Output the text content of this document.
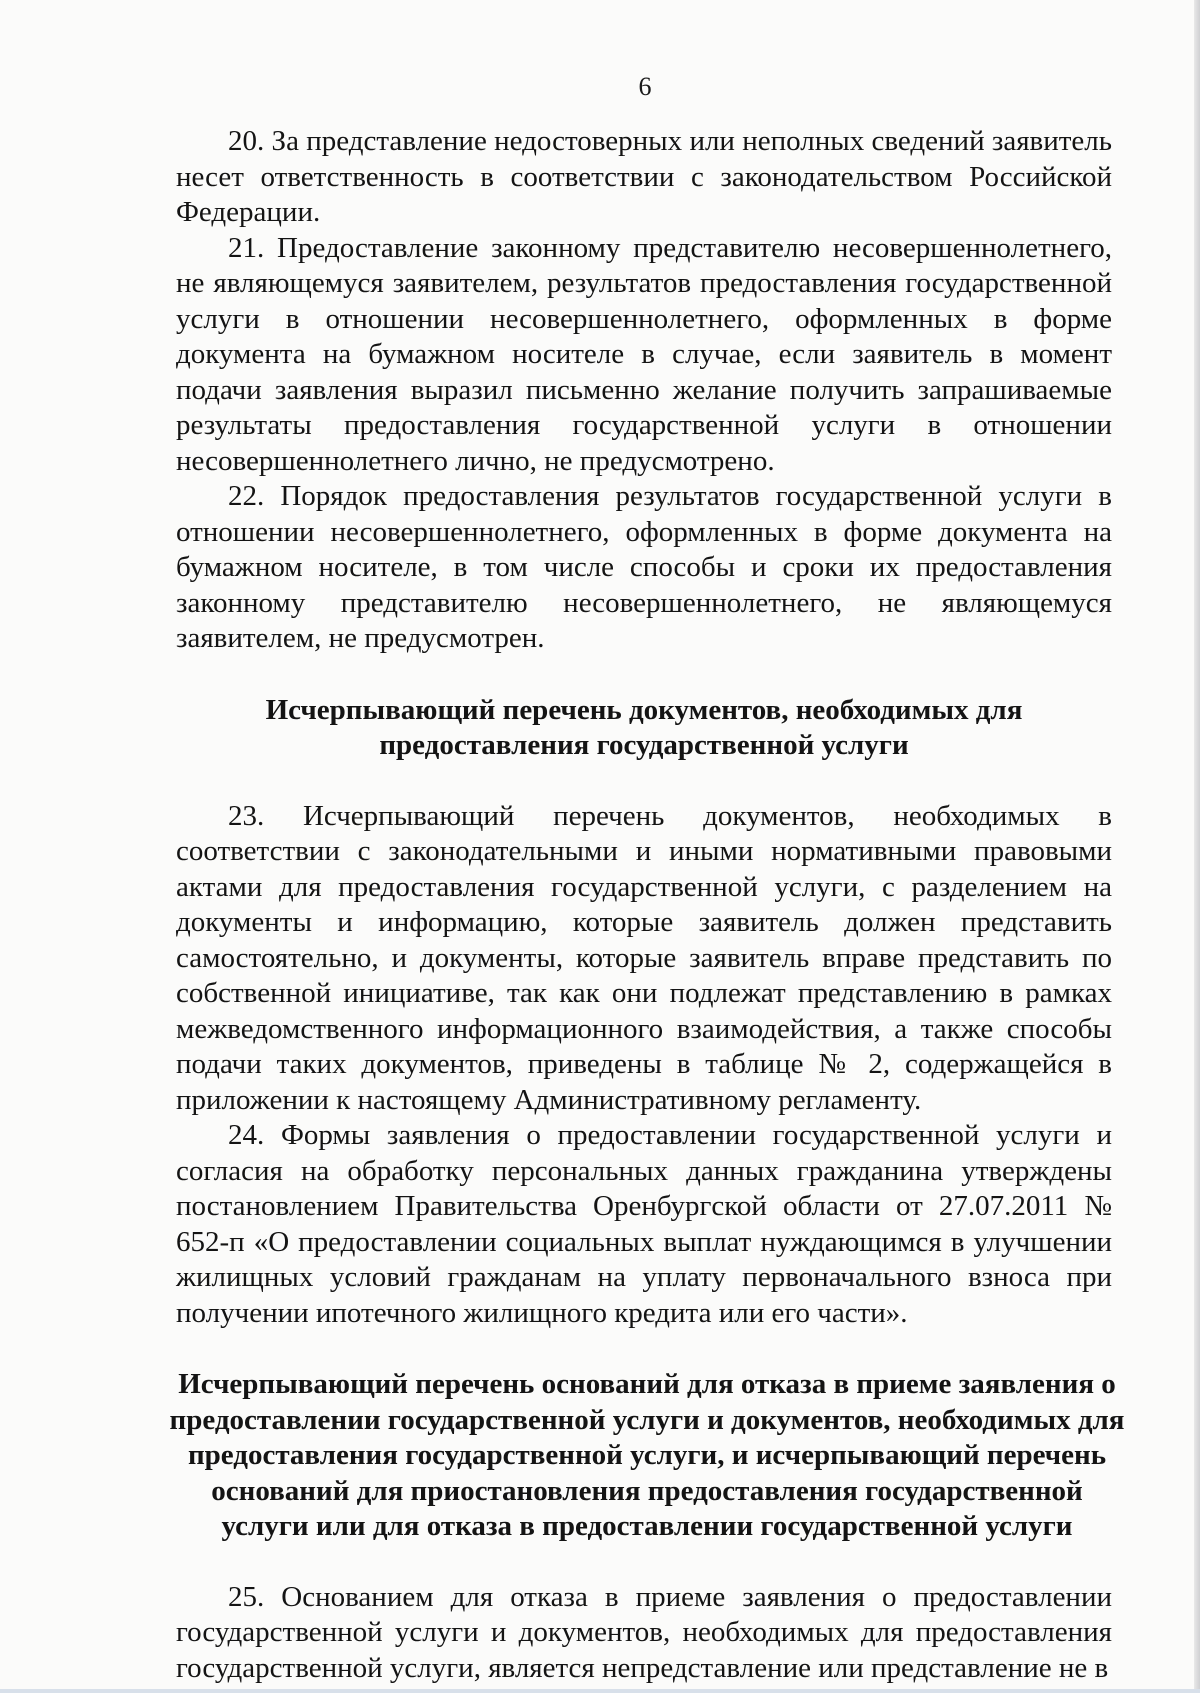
6

20. За представление недостоверных или неполных сведений заявитель несет ответственность в соответствии с законодательством Российской Федерации.

21. Предоставление законному представителю несовершеннолетнего, не являющемуся заявителем, результатов предоставления государственной услуги в отношении несовершеннолетнего, оформленных в форме документа на бумажном носителе в случае, если заявитель в момент подачи заявления выразил письменно желание получить запрашиваемые результаты предоставления государственной услуги в отношении несовершеннолетнего лично, не предусмотрено.

22. Порядок предоставления результатов государственной услуги в отношении несовершеннолетнего, оформленных в форме документа на бумажном носителе, в том числе способы и сроки их предоставления законному представителю несовершеннолетнего, не являющемуся заявителем, не предусмотрен.

Исчерпывающий перечень документов, необходимых для
предоставления государственной услуги

23. Исчерпывающий перечень документов, необходимых в соответствии с законодательными и иными нормативными правовыми актами для предоставления государственной услуги, с разделением на документы и информацию, которые заявитель должен представить самостоятельно, и документы, которые заявитель вправе представить по собственной инициативе, так как они подлежат представлению в рамках межведомственного информационного взаимодействия, а также способы подачи таких документов, приведены в таблице № 2, содержащейся в приложении к настоящему Административному регламенту.

24. Формы заявления о предоставлении государственной услуги и согласия на обработку персональных данных гражданина утверждены постановлением Правительства Оренбургской области от 27.07.2011 № 652-п «О предоставлении социальных выплат нуждающимся в улучшении жилищных условий гражданам на уплату первоначального взноса при получении ипотечного жилищного кредита или его части».

Исчерпывающий перечень оснований для отказа в приеме заявления о
предоставлении государственной услуги и документов, необходимых для
предоставления государственной услуги, и исчерпывающий перечень
оснований для приостановления предоставления государственной
услуги или для отказа в предоставлении государственной услуги

25. Основанием для отказа в приеме заявления о предоставлении государственной услуги и документов, необходимых для предоставления государственной услуги, является непредставление или представление не в
